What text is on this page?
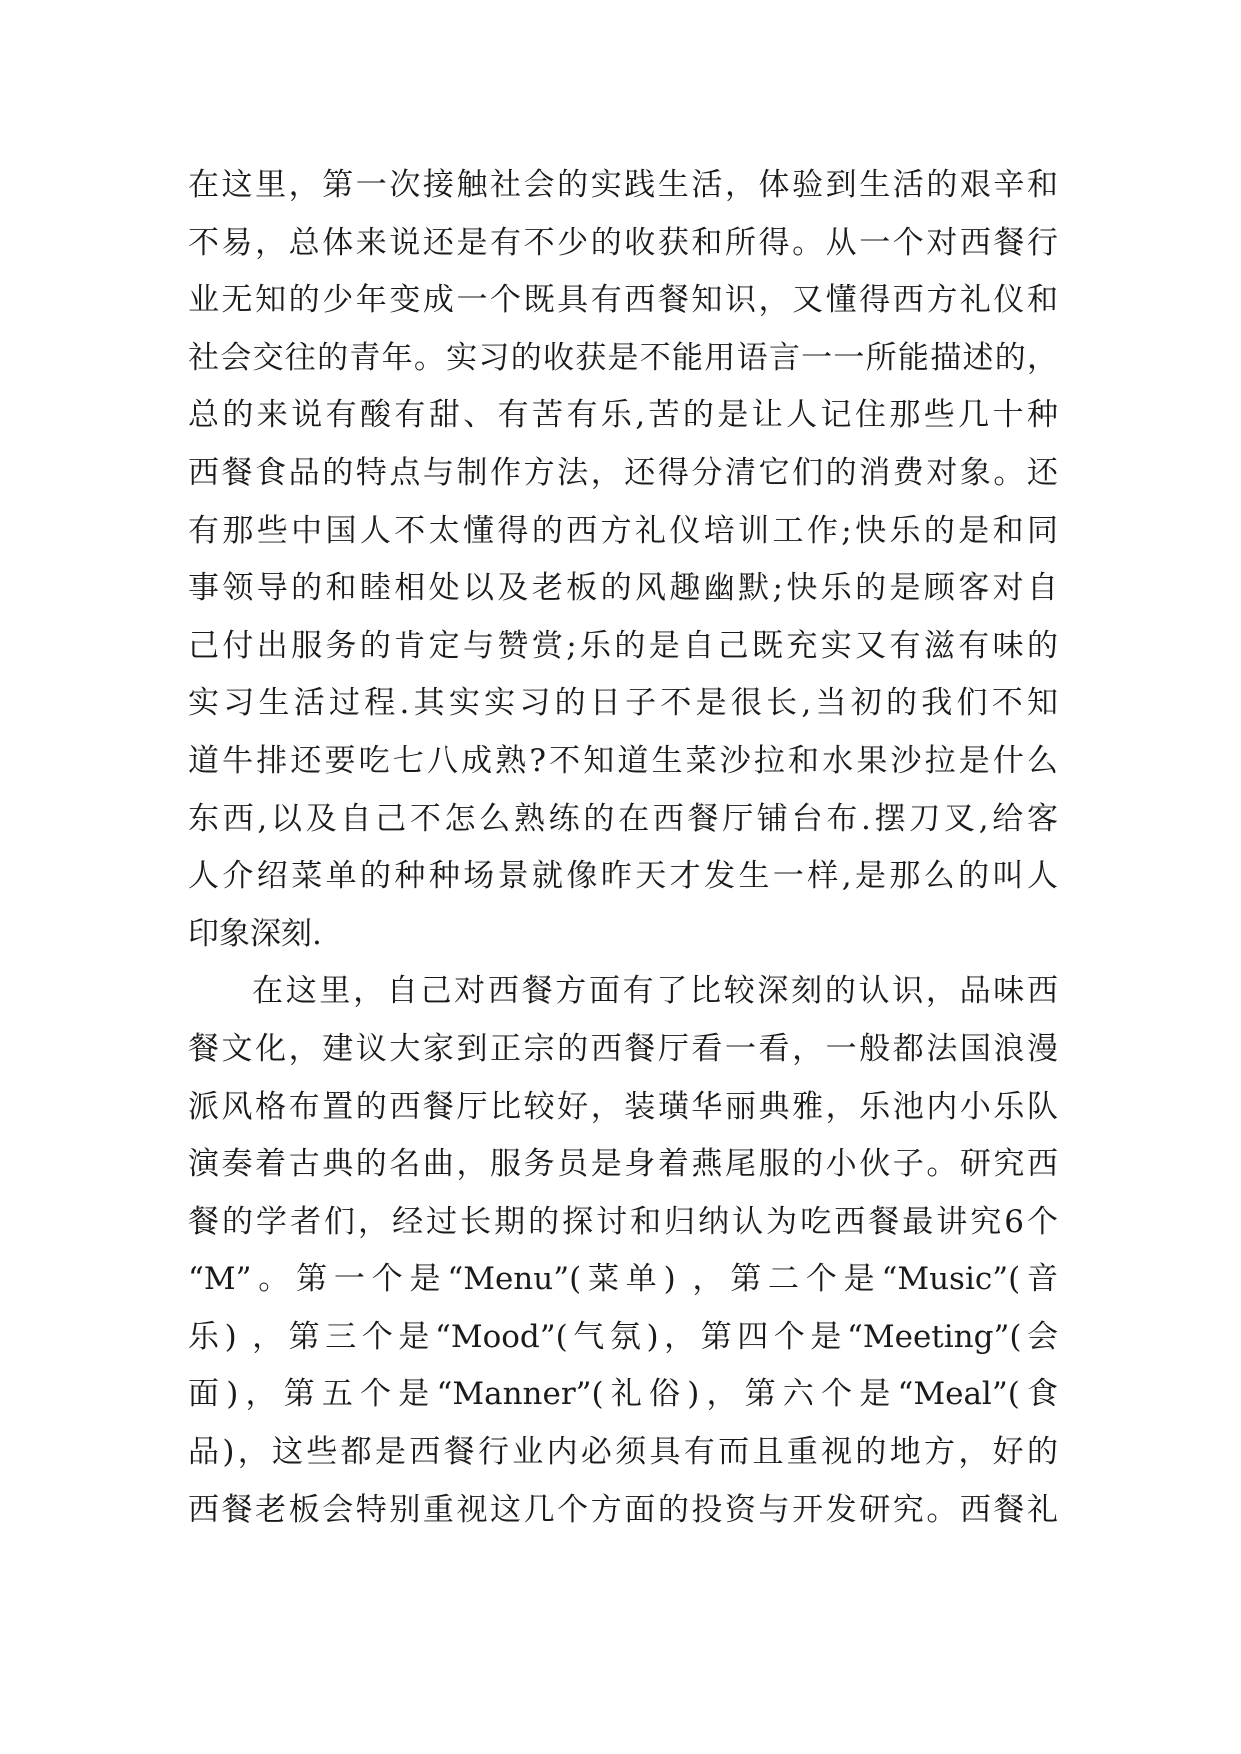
在这里，第一次接触社会的实践生活，体验到生活的艰辛和
不易，总体来说还是有不少的收获和所得。从一个对西餐行
业无知的少年变成一个既具有西餐知识，又懂得西方礼仪和
社会交往的青年。实习的收获是不能用语言一一所能描述的，
总的来说有酸有甜、有苦有乐,苦的是让人记住那些几十种
西餐食品的特点与制作方法，还得分清它们的消费对象。还
有那些中国人不太懂得的西方礼仪培训工作;快乐的是和同
事领导的和睦相处以及老板的风趣幽默;快乐的是顾客对自
己付出服务的肯定与赞赏;乐的是自己既充实又有滋有味的
实习生活过程.其实实习的日子不是很长,当初的我们不知
道牛排还要吃七八成熟?不知道生菜沙拉和水果沙拉是什么
东西,以及自己不怎么熟练的在西餐厅铺台布.摆刀叉,给客
人介绍菜单的种种场景就像昨天才发生一样,是那么的叫人
印象深刻.
在这里，自己对西餐方面有了比较深刻的认识，品味西
餐文化，建议大家到正宗的西餐厅看一看，一般都法国浪漫
派风格布置的西餐厅比较好，装璜华丽典雅，乐池内小乐队
演奏着古典的名曲，服务员是身着燕尾服的小伙子。研究西
餐的学者们，经过长期的探讨和归纳认为吃西餐最讲究6个
“M”。第一个是“Menu”(菜单) ，第二个是“Music”(音
乐) ，第三个是“Mood”(气氛)，第四个是“Meeting”(会
面)，第五个是“Manner”(礼俗)，第六个是“Meal”(食
品)，这些都是西餐行业内必须具有而且重视的地方，好的
西餐老板会特别重视这几个方面的投资与开发研究。西餐礼
